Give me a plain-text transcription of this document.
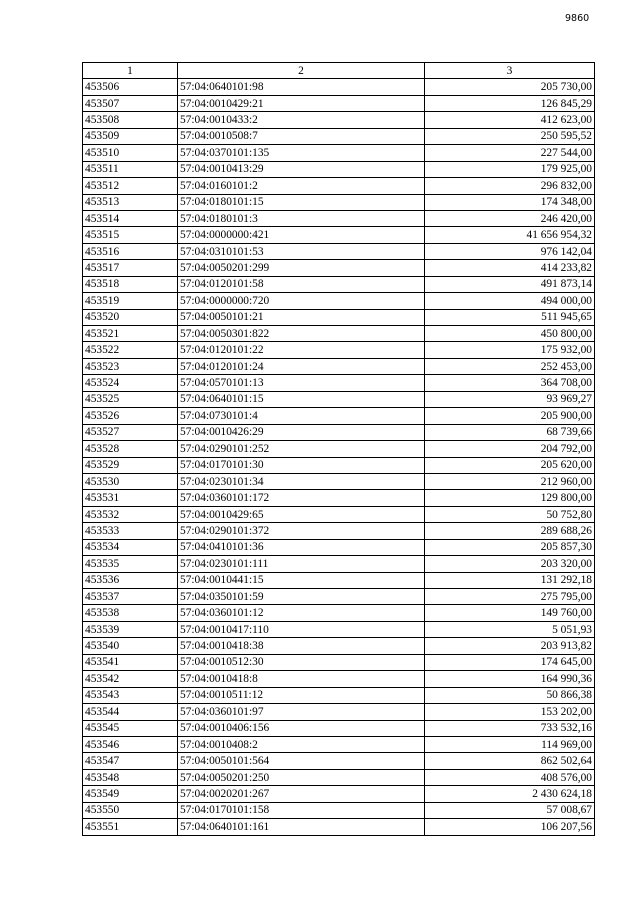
9860
1	2	3
453506	57:04:0640101:98	205 730,00
453507	57:04:0010429:21	126 845,29
453508	57:04:0010433:2	412 623,00
453509	57:04:0010508:7	250 595,52
453510	57:04:0370101:135	227 544,00
453511	57:04:0010413:29	179 925,00
453512	57:04:0160101:2	296 832,00
453513	57:04:0180101:15	174 348,00
453514	57:04:0180101:3	246 420,00
453515	57:04:0000000:421	41 656 954,32
453516	57:04:0310101:53	976 142,04
453517	57:04:0050201:299	414 233,82
453518	57:04:0120101:58	491 873,14
453519	57:04:0000000:720	494 000,00
453520	57:04:0050101:21	511 945,65
453521	57:04:0050301:822	450 800,00
453522	57:04:0120101:22	175 932,00
453523	57:04:0120101:24	252 453,00
453524	57:04:0570101:13	364 708,00
453525	57:04:0640101:15	93 969,27
453526	57:04:0730101:4	205 900,00
453527	57:04:0010426:29	68 739,66
453528	57:04:0290101:252	204 792,00
453529	57:04:0170101:30	205 620,00
453530	57:04:0230101:34	212 960,00
453531	57:04:0360101:172	129 800,00
453532	57:04:0010429:65	50 752,80
453533	57:04:0290101:372	289 688,26
453534	57:04:0410101:36	205 857,30
453535	57:04:0230101:111	203 320,00
453536	57:04:0010441:15	131 292,18
453537	57:04:0350101:59	275 795,00
453538	57:04:0360101:12	149 760,00
453539	57:04:0010417:110	5 051,93
453540	57:04:0010418:38	203 913,82
453541	57:04:0010512:30	174 645,00
453542	57:04:0010418:8	164 990,36
453543	57:04:0010511:12	50 866,38
453544	57:04:0360101:97	153 202,00
453545	57:04:0010406:156	733 532,16
453546	57:04:0010408:2	114 969,00
453547	57:04:0050101:564	862 502,64
453548	57:04:0050201:250	408 576,00
453549	57:04:0020201:267	2 430 624,18
453550	57:04:0170101:158	57 008,67
453551	57:04:0640101:161	106 207,56
